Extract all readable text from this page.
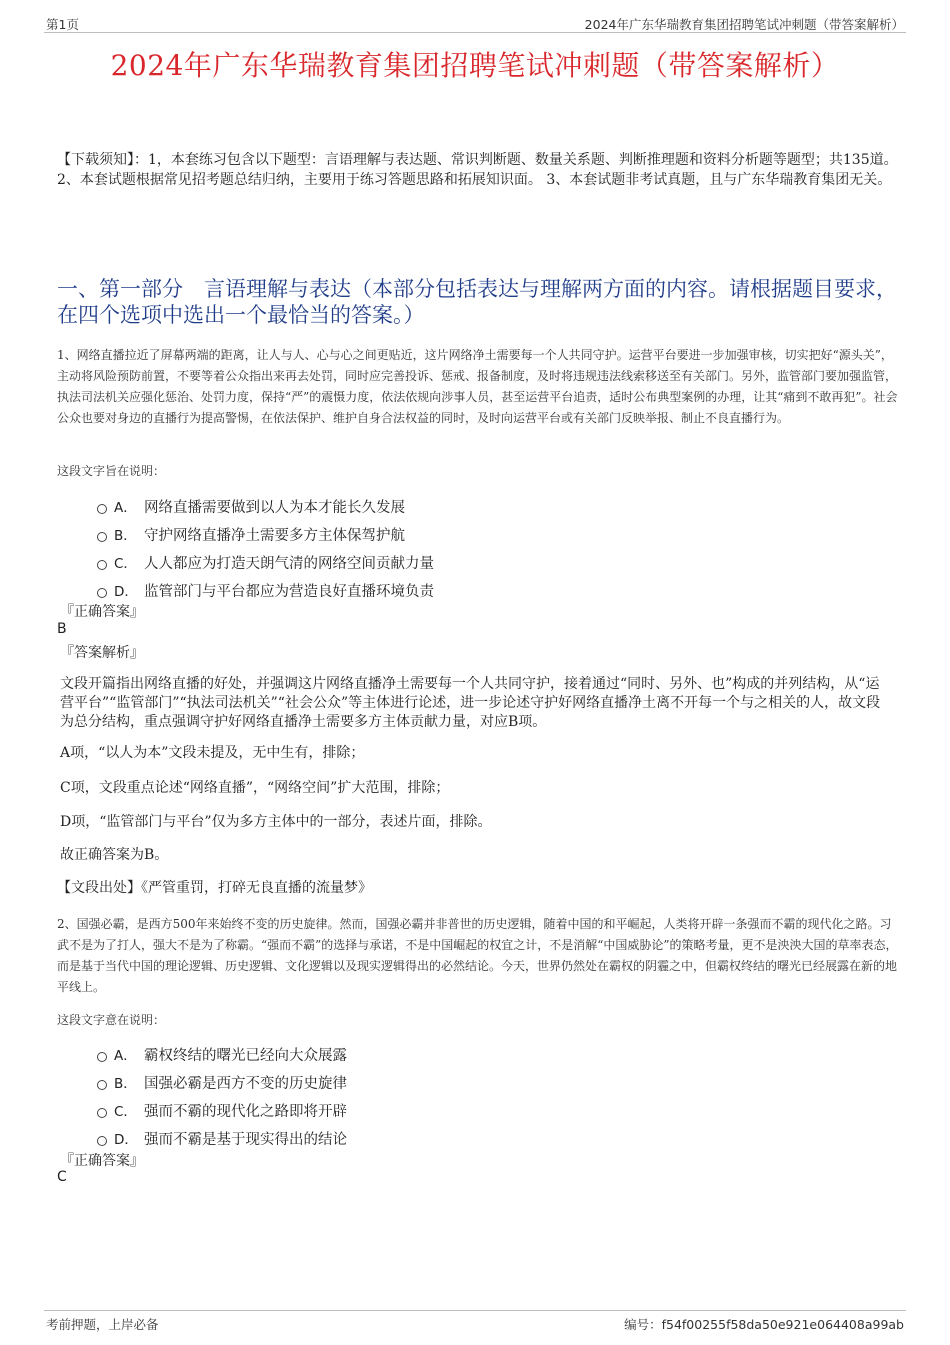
第1页	2024年广东华瑞教育集团招聘笔试冲刺题（带答案解析）
2024年广东华瑞教育集团招聘笔试冲刺题（带答案解析）
【下载须知】：1，本套练习包含以下题型：言语理解与表达题、常识判断题、数量关系题、判断推理题和资料分析题等题型；共135道。 2、本套试题根据常见招考题总结归纳，主要用于练习答题思路和拓展知识面。 3、本套试题非考试真题，且与广东华瑞教育集团无关。
一、第一部分　言语理解与表达（本部分包括表达与理解两方面的内容。请根据题目要求，在四个选项中选出一个最恰当的答案。）
1、网络直播拉近了屏幕两端的距离，让人与人、心与心之间更贴近，这片网络净土需要每一个人共同守护。运营平台要进一步加强审核，切实把好“源头关”，主动将风险预防前置，不要等着公众指出来再去处罚，同时应完善投诉、惩戒、报备制度，及时将违规违法线索移送至有关部门。另外，监管部门要加强监管，执法司法机关应强化惩治、处罚力度，保持“严”的震慑力度，依法依规向涉事人员，甚至运营平台追责，适时公布典型案例的办理，让其“痛到不敢再犯”。社会公众也要对身边的直播行为提高警惕，在依法保护、维护自身合法权益的同时，及时向运营平台或有关部门反映举报、制止不良直播行为。
这段文字旨在说明：
A． 网络直播需要做到以人为本才能长久发展
B． 守护网络直播净土需要多方主体保驾护航
C． 人人都应为打造天朗气清的网络空间贡献力量
D． 监管部门与平台都应为营造良好直播环境负责
『正确答案』
B
『答案解析』
文段开篇指出网络直播的好处，并强调这片网络直播净土需要每一个人共同守护，接着通过“同时、另外、也”构成的并列结构，从“运营平台”“监管部门”“执法司法机关”“社会公众”等主体进行论述，进一步论述守护好网络直播净土离不开每一个与之相关的人，故文段为总分结构，重点强调守护好网络直播净土需要多方主体贡献力量，对应B项。
A项，“以人为本”文段未提及，无中生有，排除；
C项，文段重点论述“网络直播”，“网络空间”扩大范围，排除；
D项，“监管部门与平台”仅为多方主体中的一部分，表述片面，排除。
故正确答案为B。
【文段出处】《严管重罚，打碎无良直播的流量梦》
2、国强必霸，是西方500年来始终不变的历史旋律。然而，国强必霸并非普世的历史逻辑，随着中国的和平崛起，人类将开辟一条强而不霸的现代化之路。习武不是为了打人，强大不是为了称霸。“强而不霸”的选择与承诺，不是中国崛起的权宜之计，不是消解“中国威胁论”的策略考量，更不是泱泱大国的草率表态，而是基于当代中国的理论逻辑、历史逻辑、文化逻辑以及现实逻辑得出的必然结论。今天，世界仍然处在霸权的阴霾之中，但霸权终结的曙光已经展露在新的地平线上。
这段文字意在说明：
A． 霸权终结的曙光已经向大众展露
B． 国强必霸是西方不变的历史旋律
C． 强而不霸的现代化之路即将开辟
D． 强而不霸是基于现实得出的结论
『正确答案』
C
考前押题，上岸必备	编号：f54f00255f58da50e921e064408a99ab
